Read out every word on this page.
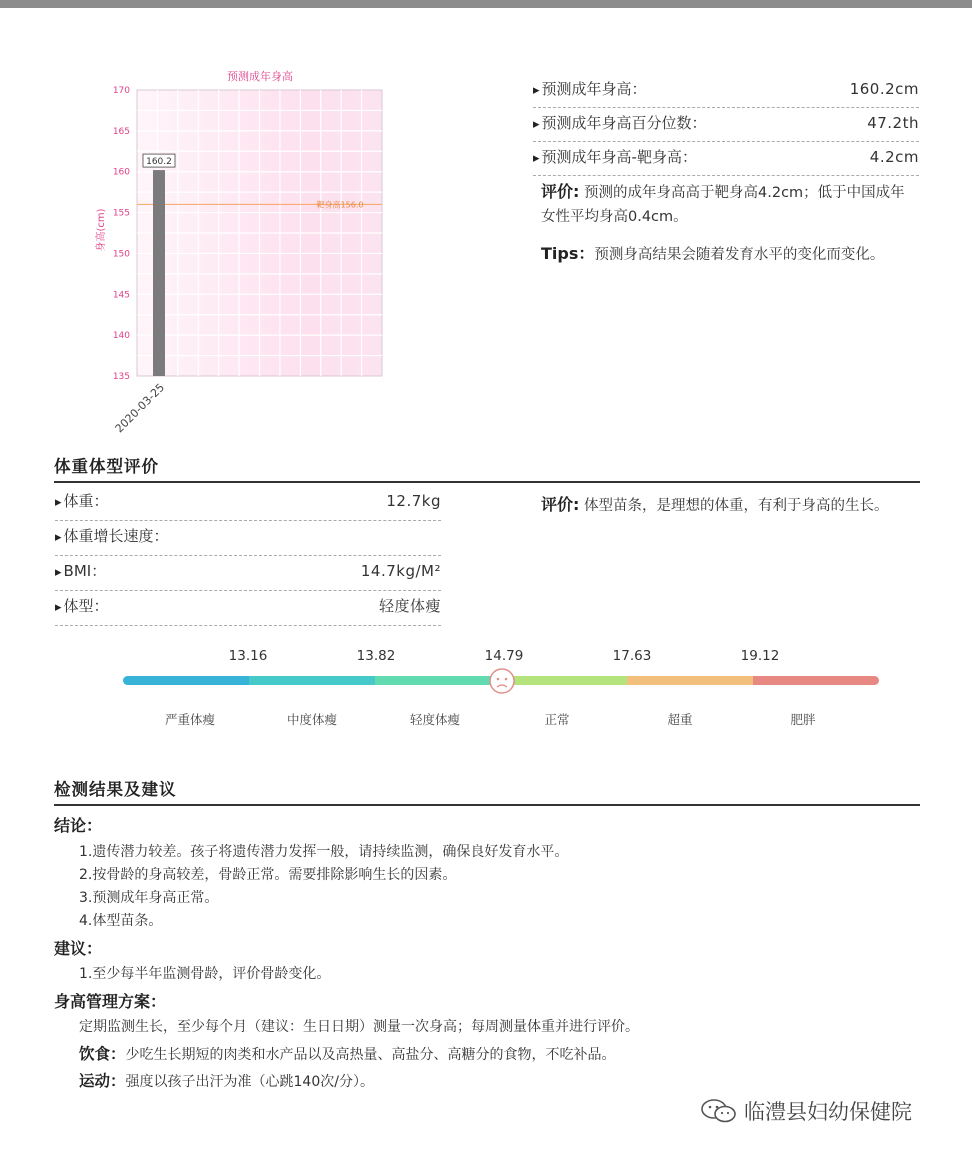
预测成年身高
135
140
145
150
155
160
165
170
身高(cm)
靶身高156.0
160.2
2020-03-25
▸ 预测成年身高：	160.2cm
▸ 预测成年身高百分位数：	47.2th
▸ 预测成年身高-靶身高：	4.2cm
评价: 预测的成年身高高于靶身高4.2cm；低于中国成年女性平均身高0.4cm。
Tips：预测身高结果会随着发育水平的变化而变化。
体重体型评价
▸ 体重：	12.7kg
▸ 体重增长速度：
▸ BMI：	14.7kg/M²
▸ 体型：	轻度体瘦
评价: 体型苗条，是理想的体重，有利于身高的生长。
13.16	13.82	14.79	17.63	19.12
严重体瘦	中度体瘦	轻度体瘦	正常	超重	肥胖
检测结果及建议
结论：
1.遗传潜力较差。孩子将遗传潜力发挥一般，请持续监测，确保良好发育水平。
2.按骨龄的身高较差，骨龄正常。需要排除影响生长的因素。
3.预测成年身高正常。
4.体型苗条。
建议：
1.至少每半年监测骨龄，评价骨龄变化。
身高管理方案：
定期监测生长，至少每个月（建议：生日日期）测量一次身高；每周测量体重并进行评价。
饮食：少吃生长期短的肉类和水产品以及高热量、高盐分、高糖分的食物，不吃补品。
运动：强度以孩子出汗为准（心跳140次/分）。
临澧县妇幼保健院
